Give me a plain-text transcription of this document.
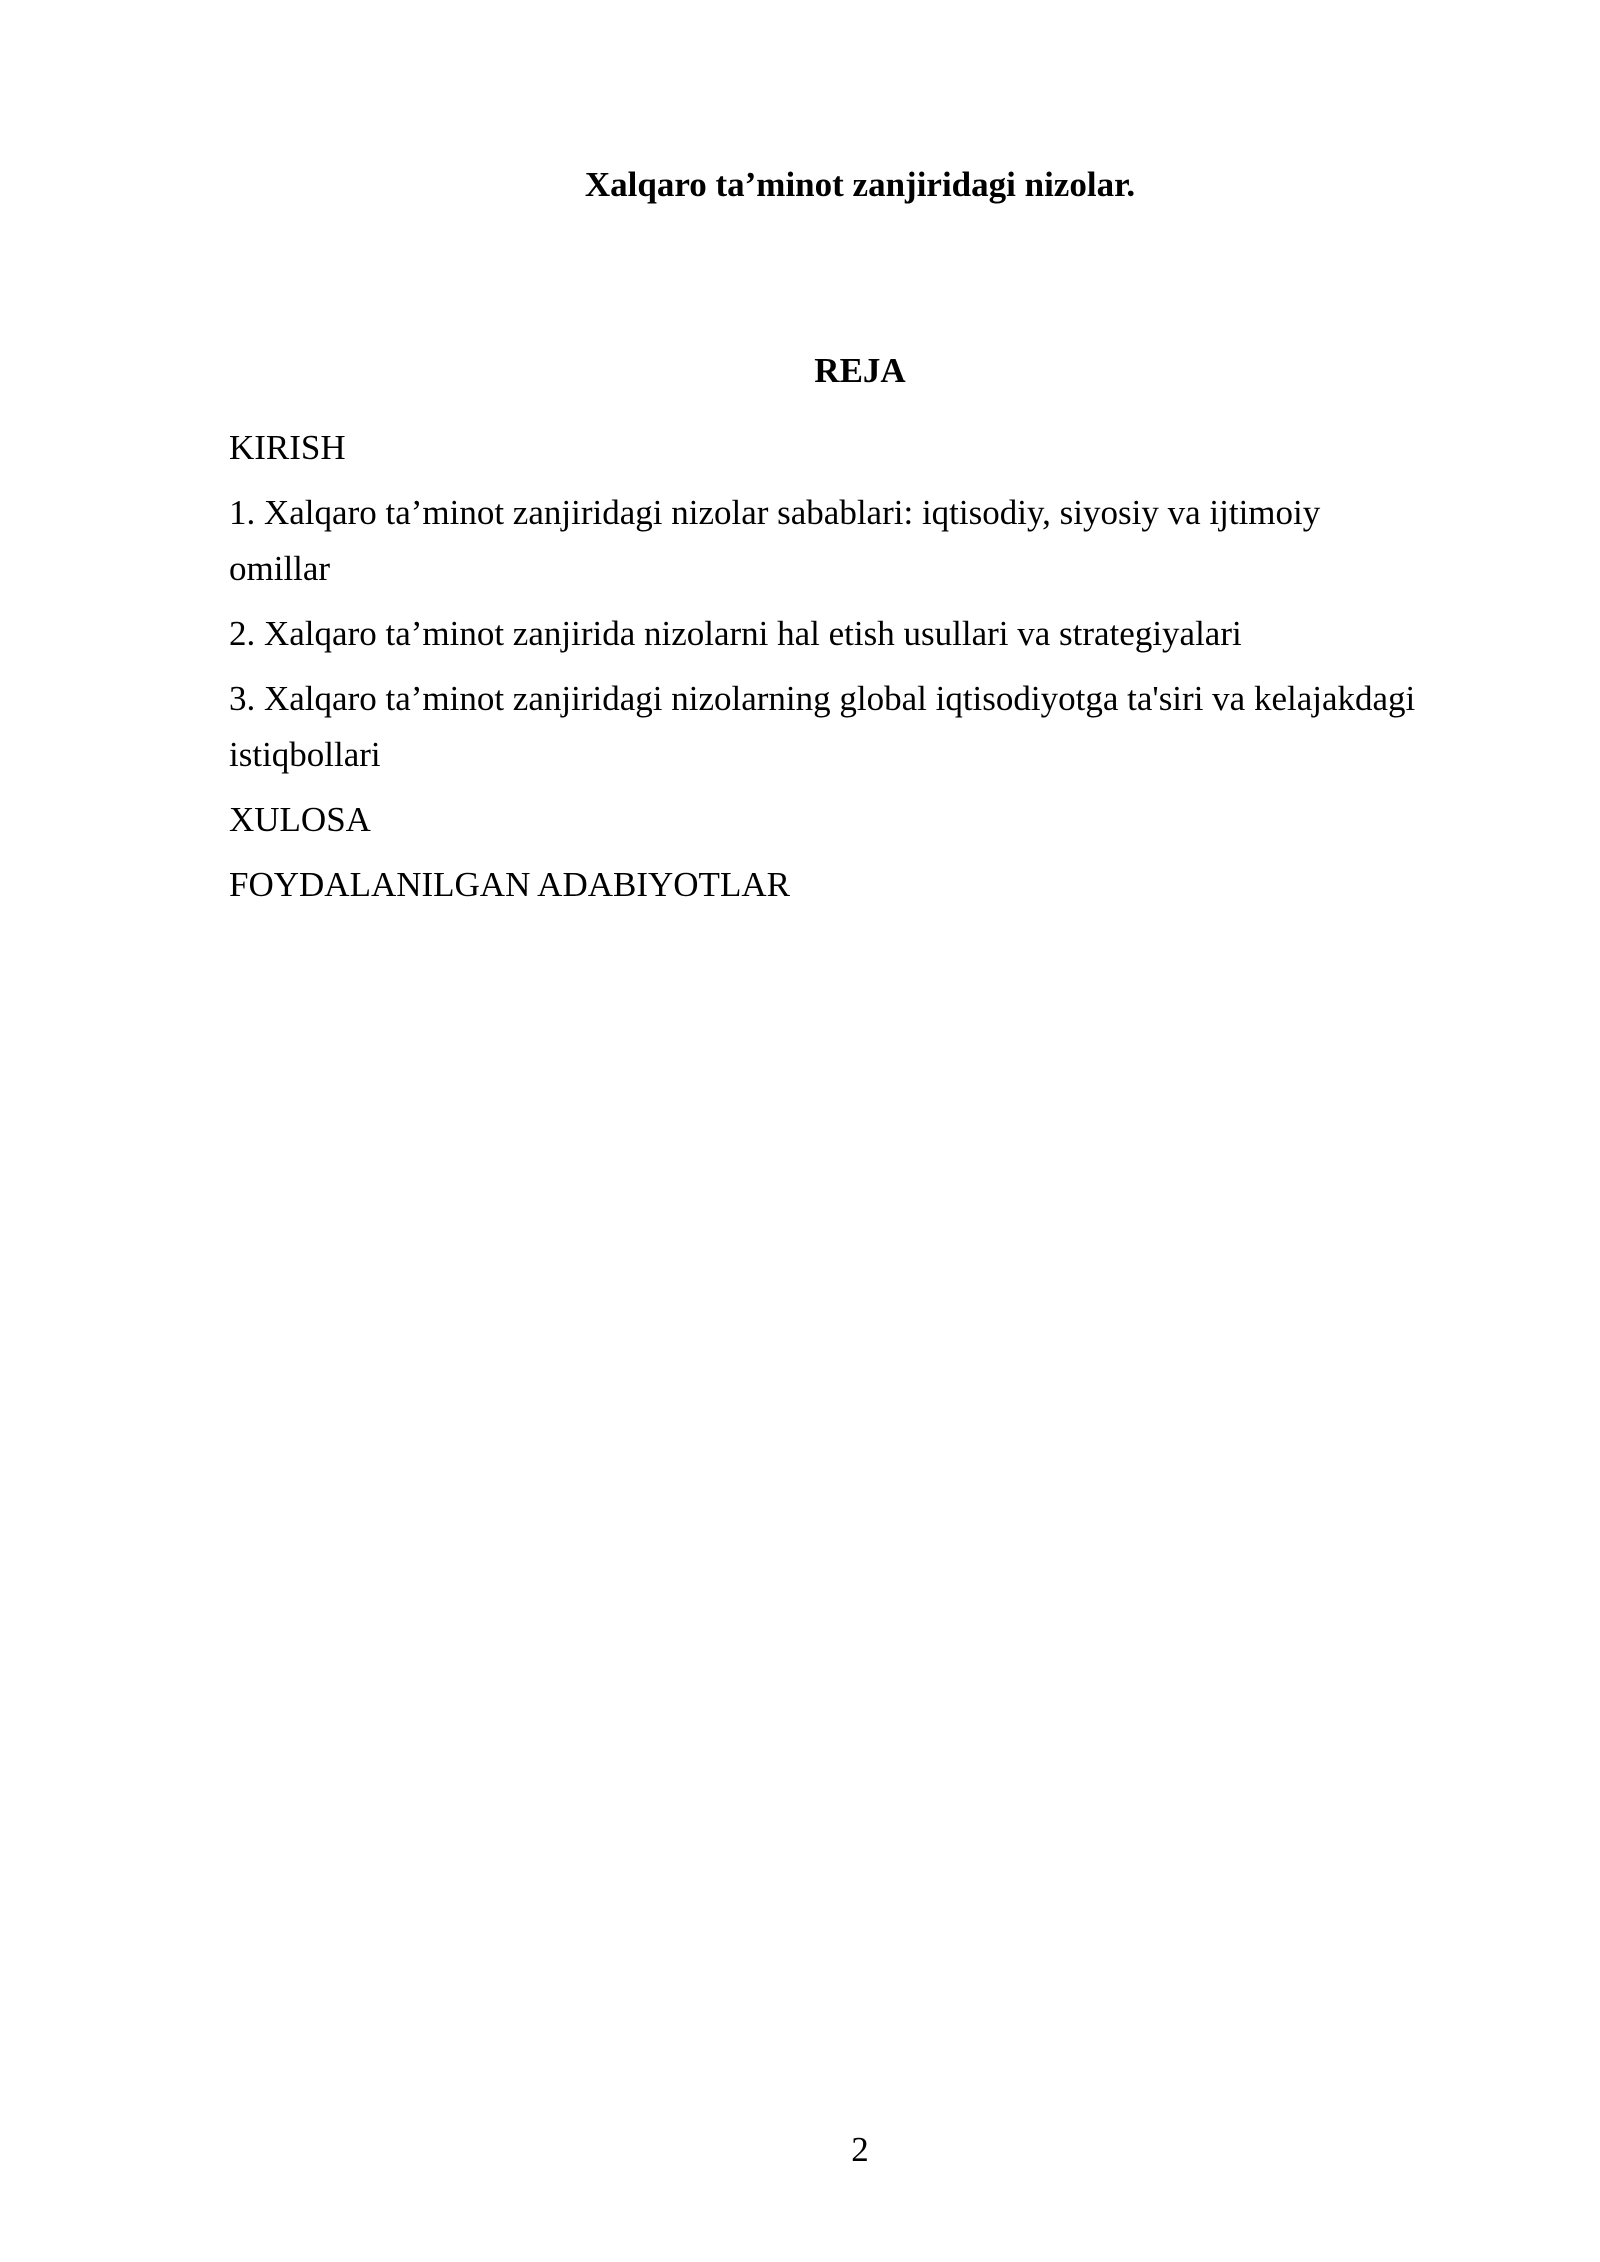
Xalqaro ta’minot zanjiridagi nizolar.
REJA
KIRISH
1. Xalqaro ta’minot zanjiridagi nizolar sabablari: iqtisodiy, siyosiy va ijtimoiy omillar
2. Xalqaro ta’minot zanjirida nizolarni hal etish usullari va strategiyalari
3. Xalqaro ta’minot zanjiridagi nizolarning global iqtisodiyotga ta'siri va kelajakdagi istiqbollari
XULOSA
FOYDALANILGAN ADABIYOTLAR
2
